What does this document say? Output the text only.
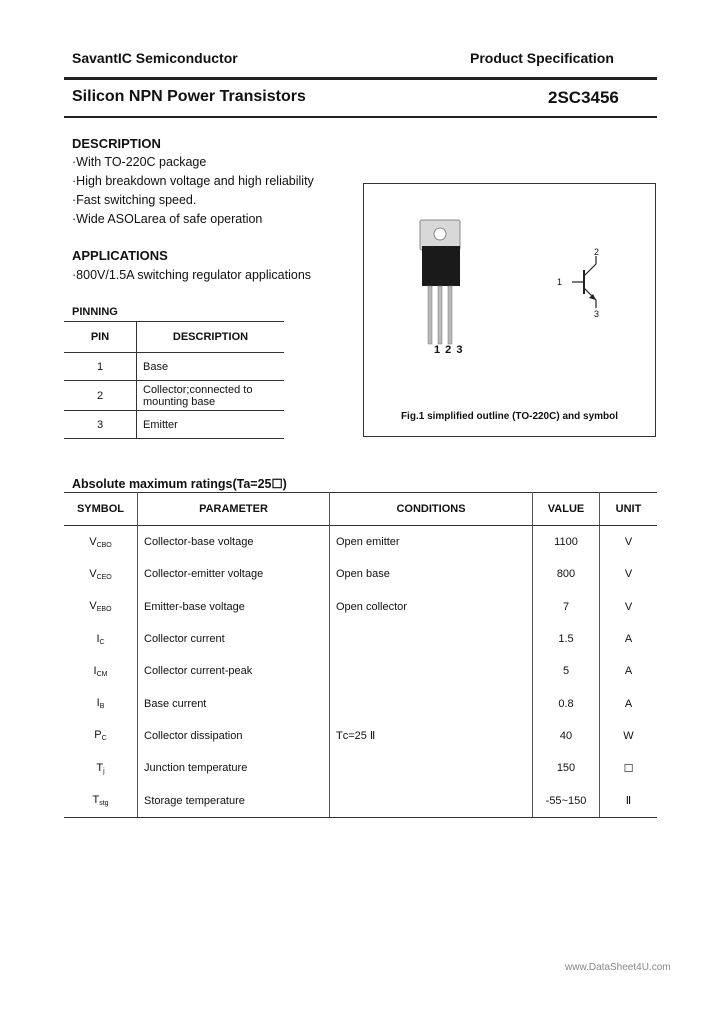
SavantIC Semiconductor	Product Specification
Silicon NPN Power Transistors	2SC3456
DESCRIPTION
·With TO-220C package
·High breakdown voltage and high reliability
·Fast switching speed.
·Wide ASOLarea of safe operation
APPLICATIONS
·800V/1.5A switching regulator applications
PINNING
PIN	DESCRIPTION
1	Base
2	Collector;connected to mounting base
3	Emitter
1 2 3
1
2
3
Fig.1 simplified outline (TO-220C) and symbol
Absolute maximum ratings(Ta=25☐)
SYMBOL	PARAMETER	CONDITIONS	VALUE	UNIT
$V_{CBO}$	Collector-base voltage	Open emitter	1100	V
$V_{CEO}$	Collector-emitter voltage	Open base	800	V
$V_{EBO}$	Emitter-base voltage	Open collector	7	V
$I_C$	Collector current		1.5	A
$I_{CM}$	Collector current-peak		5	A
$I_B$	Base current		0.8	A
$P_C$	Collector dissipation	Tᴄ=25 Ⅱ	40	W
$T_j$	Junction temperature		150	☐
$T_{stg}$	Storage temperature		-55~150	Ⅱ
www.DataSheet4U.com
